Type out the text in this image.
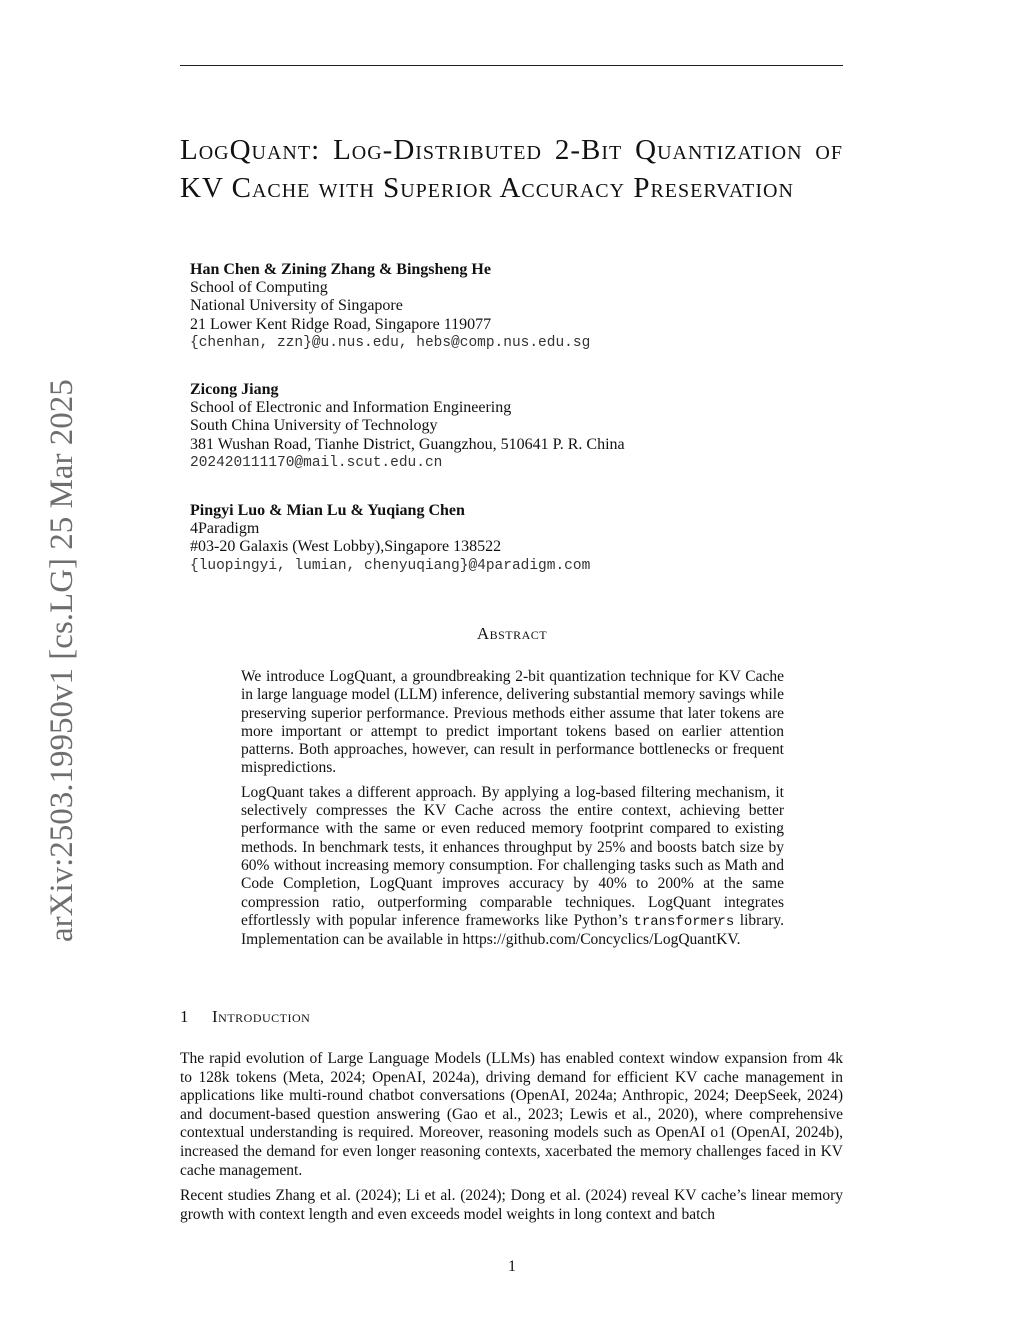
arXiv:2503.19950v1 [cs.LG] 25 Mar 2025
LogQuant: Log-Distributed 2-Bit Quantization of KV Cache with Superior Accuracy Preservation
Han Chen & Zining Zhang & Bingsheng He
School of Computing
National University of Singapore
21 Lower Kent Ridge Road, Singapore 119077
{chenhan, zzn}@u.nus.edu, hebs@comp.nus.edu.sg
Zicong Jiang
School of Electronic and Information Engineering
South China University of Technology
381 Wushan Road, Tianhe District, Guangzhou, 510641 P. R. China
202420111170@mail.scut.edu.cn
Pingyi Luo & Mian Lu & Yuqiang Chen
4Paradigm
#03-20 Galaxis (West Lobby),Singapore 138522
{luopingyi, lumian, chenyuqiang}@4paradigm.com
Abstract

We introduce LogQuant, a groundbreaking 2-bit quantization technique for KV Cache in large language model (LLM) inference, delivering substantial memory savings while preserving superior performance. Previous methods either assume that later tokens are more important or attempt to predict important tokens based on earlier attention patterns. Both approaches, however, can result in performance bottlenecks or frequent mispredictions.

LogQuant takes a different approach. By applying a log-based filtering mechanism, it selectively compresses the KV Cache across the entire context, achieving better performance with the same or even reduced memory footprint compared to existing methods. In benchmark tests, it enhances throughput by 25% and boosts batch size by 60% without increasing memory consumption. For challenging tasks such as Math and Code Completion, LogQuant improves accuracy by 40% to 200% at the same compression ratio, outperforming comparable techniques. LogQuant integrates effortlessly with popular inference frameworks like Python’s transformers library. Implementation can be available in https://github.com/Concyclics/LogQuantKV.

1 Introduction

The rapid evolution of Large Language Models (LLMs) has enabled context window expansion from 4k to 128k tokens (Meta, 2024; OpenAI, 2024a), driving demand for efficient KV cache management in applications like multi-round chatbot conversations (OpenAI, 2024a; Anthropic, 2024; DeepSeek, 2024) and document-based question answering (Gao et al., 2023; Lewis et al., 2020), where comprehensive contextual understanding is required. Moreover, reasoning models such as OpenAI o1 (OpenAI, 2024b), increased the demand for even longer reasoning contexts, xacerbated the memory challenges faced in KV cache management.

Recent studies Zhang et al. (2024); Li et al. (2024); Dong et al. (2024) reveal KV cache’s linear memory growth with context length and even exceeds model weights in long context and batch

1
